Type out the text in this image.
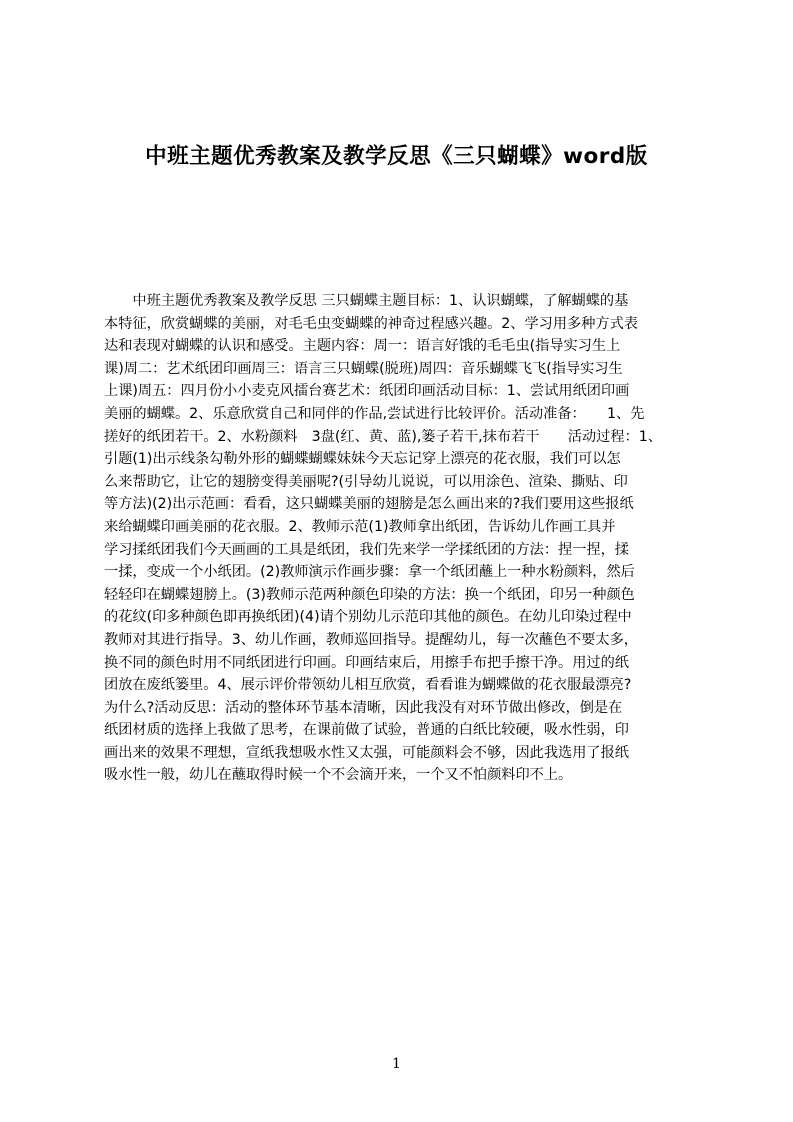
中班主题优秀教案及教学反思《三只蝴蝶》word版
　　中班主题优秀教案及教学反思 三只蝴蝶主题目标：1、认识蝴蝶，了解蝴蝶的基
本特征，欣赏蝴蝶的美丽，对毛毛虫变蝴蝶的神奇过程感兴趣。2、学习用多种方式表
达和表现对蝴蝶的认识和感受。主题内容：周一：语言好饿的毛毛虫(指导实习生上
课)周二：艺术纸团印画周三：语言三只蝴蝶(脱班)周四：音乐蝴蝶飞飞(指导实习生
上课)周五：四月份小小麦克风擂台赛艺术：纸团印画活动目标：1、尝试用纸团印画
美丽的蝴蝶。2、乐意欣赏自己和同伴的作品,尝试进行比较评价。活动准备：　　1、先
搓好的纸团若干。2、水粉颜料　3盘(红、黄、蓝),篓子若干,抹布若干　　活动过程：1、
引题(1)出示线条勾勒外形的蝴蝶蝴蝶妹妹今天忘记穿上漂亮的花衣服，我们可以怎
么来帮助它，让它的翅膀变得美丽呢?(引导幼儿说说，可以用涂色、渲染、撕贴、印
等方法)(2)出示范画：看看，这只蝴蝶美丽的翅膀是怎么画出来的?我们要用这些报纸
来给蝴蝶印画美丽的花衣服。2、教师示范(1)教师拿出纸团，告诉幼儿作画工具并
学习揉纸团我们今天画画的工具是纸团，我们先来学一学揉纸团的方法：捏一捏，揉
一揉，变成一个小纸团。(2)教师演示作画步骤：拿一个纸团蘸上一种水粉颜料，然后
轻轻印在蝴蝶翅膀上。(3)教师示范两种颜色印染的方法：换一个纸团，印另一种颜色
的花纹(印多种颜色即再换纸团)(4)请个别幼儿示范印其他的颜色。在幼儿印染过程中
教师对其进行指导。3、幼儿作画，教师巡回指导。提醒幼儿，每一次蘸色不要太多，
换不同的颜色时用不同纸团进行印画。印画结束后，用擦手布把手擦干净。用过的纸
团放在废纸篓里。4、展示评价带领幼儿相互欣赏，看看谁为蝴蝶做的花衣服最漂亮?
为什么?活动反思：活动的整体环节基本清晰，因此我没有对环节做出修改，倒是在
纸团材质的选择上我做了思考，在课前做了试验，普通的白纸比较硬，吸水性弱，印
画出来的效果不理想，宣纸我想吸水性又太强，可能颜料会不够，因此我选用了报纸
吸水性一般，幼儿在蘸取得时候一个不会滴开来，一个又不怕颜料印不上。
1
